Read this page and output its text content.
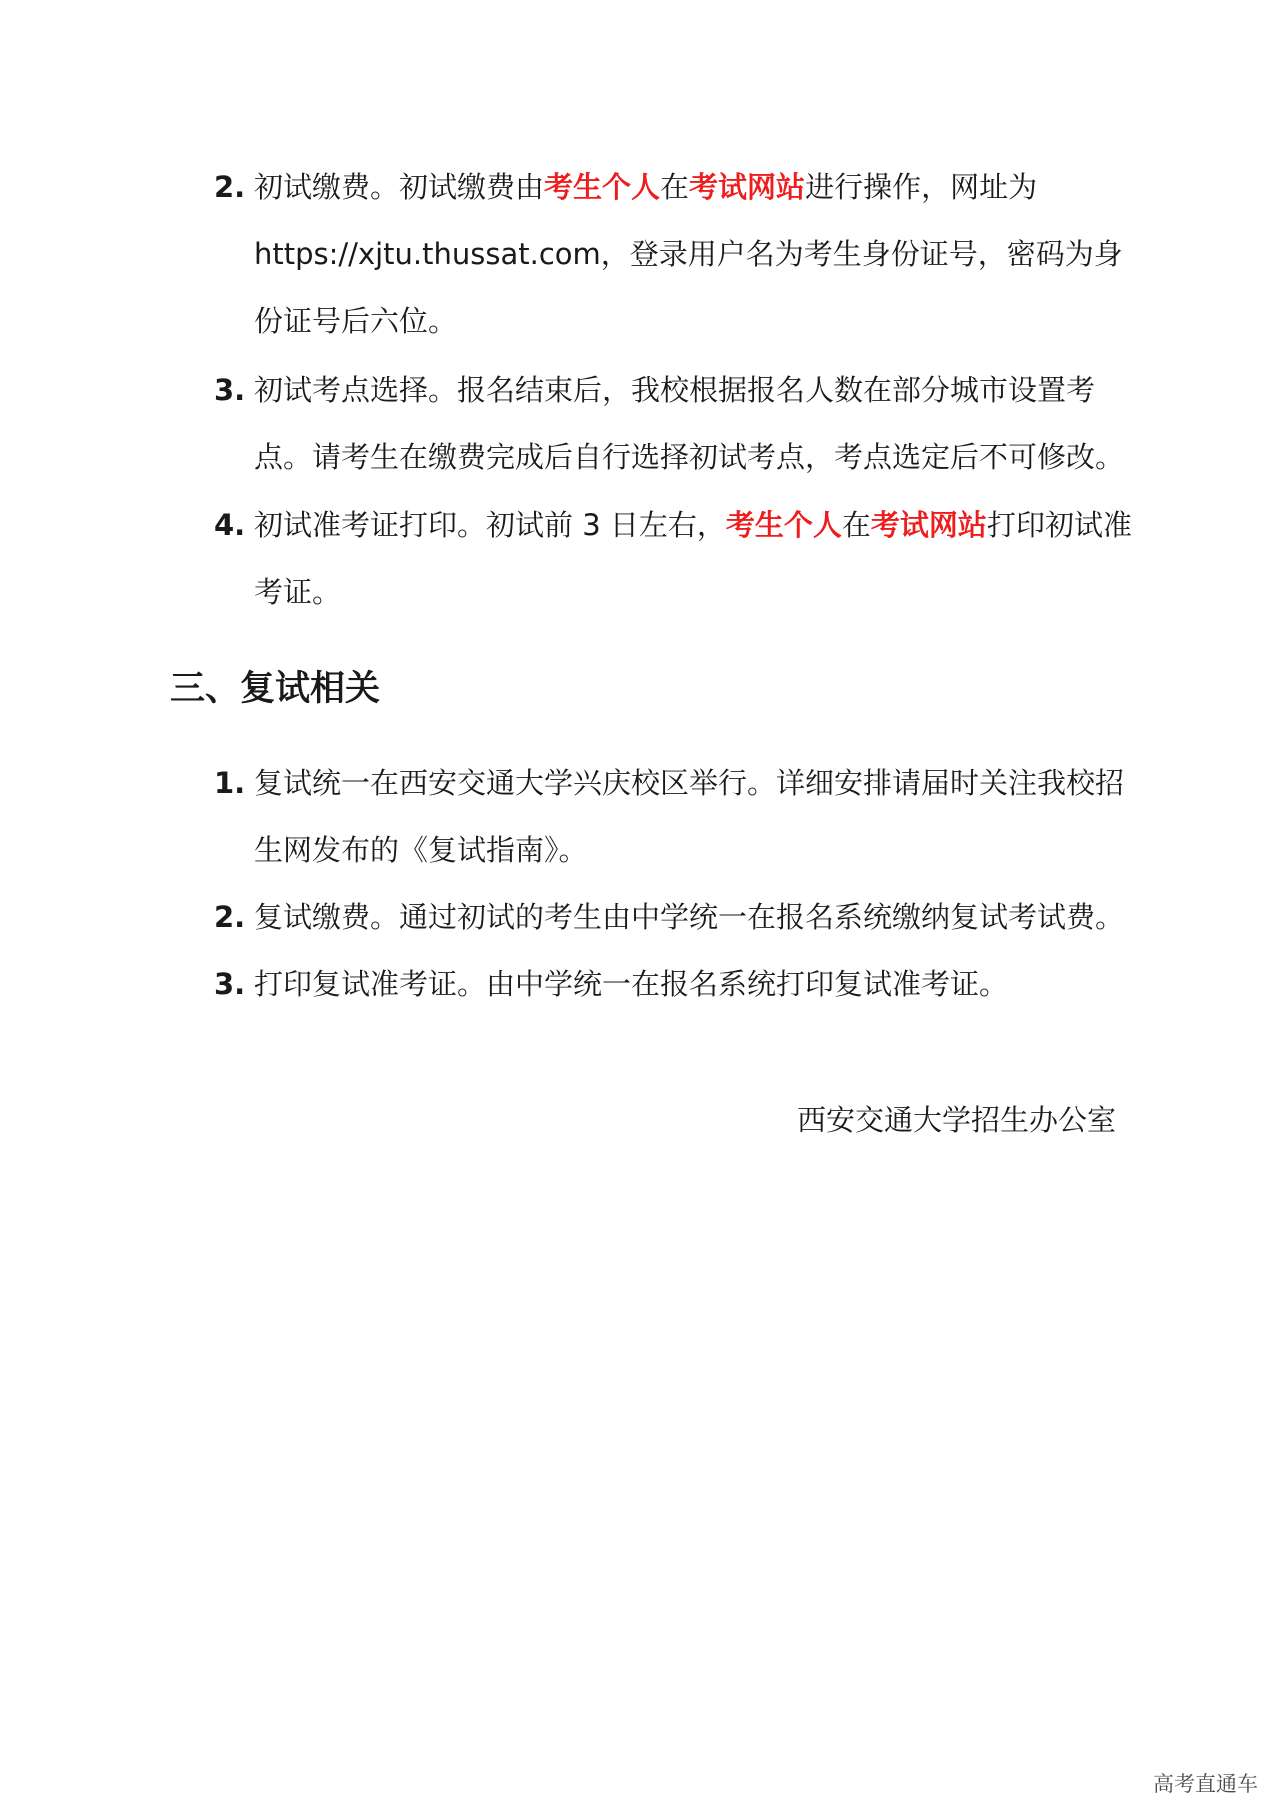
2. 初试缴费。初试缴费由考生个人在考试网站进行操作，网址为https://xjtu.thussat.com，登录用户名为考生身份证号，密码为身份证号后六位。
3. 初试考点选择。报名结束后，我校根据报名人数在部分城市设置考点。请考生在缴费完成后自行选择初试考点，考点选定后不可修改。
4. 初试准考证打印。初试前 3 日左右，考生个人在考试网站打印初试准考证。
三、复试相关
1. 复试统一在西安交通大学兴庆校区举行。详细安排请届时关注我校招生网发布的《复试指南》。
2. 复试缴费。通过初试的考生由中学统一在报名系统缴纳复试考试费。
3. 打印复试准考证。由中学统一在报名系统打印复试准考证。

西安交通大学招生办公室

高考直通车
